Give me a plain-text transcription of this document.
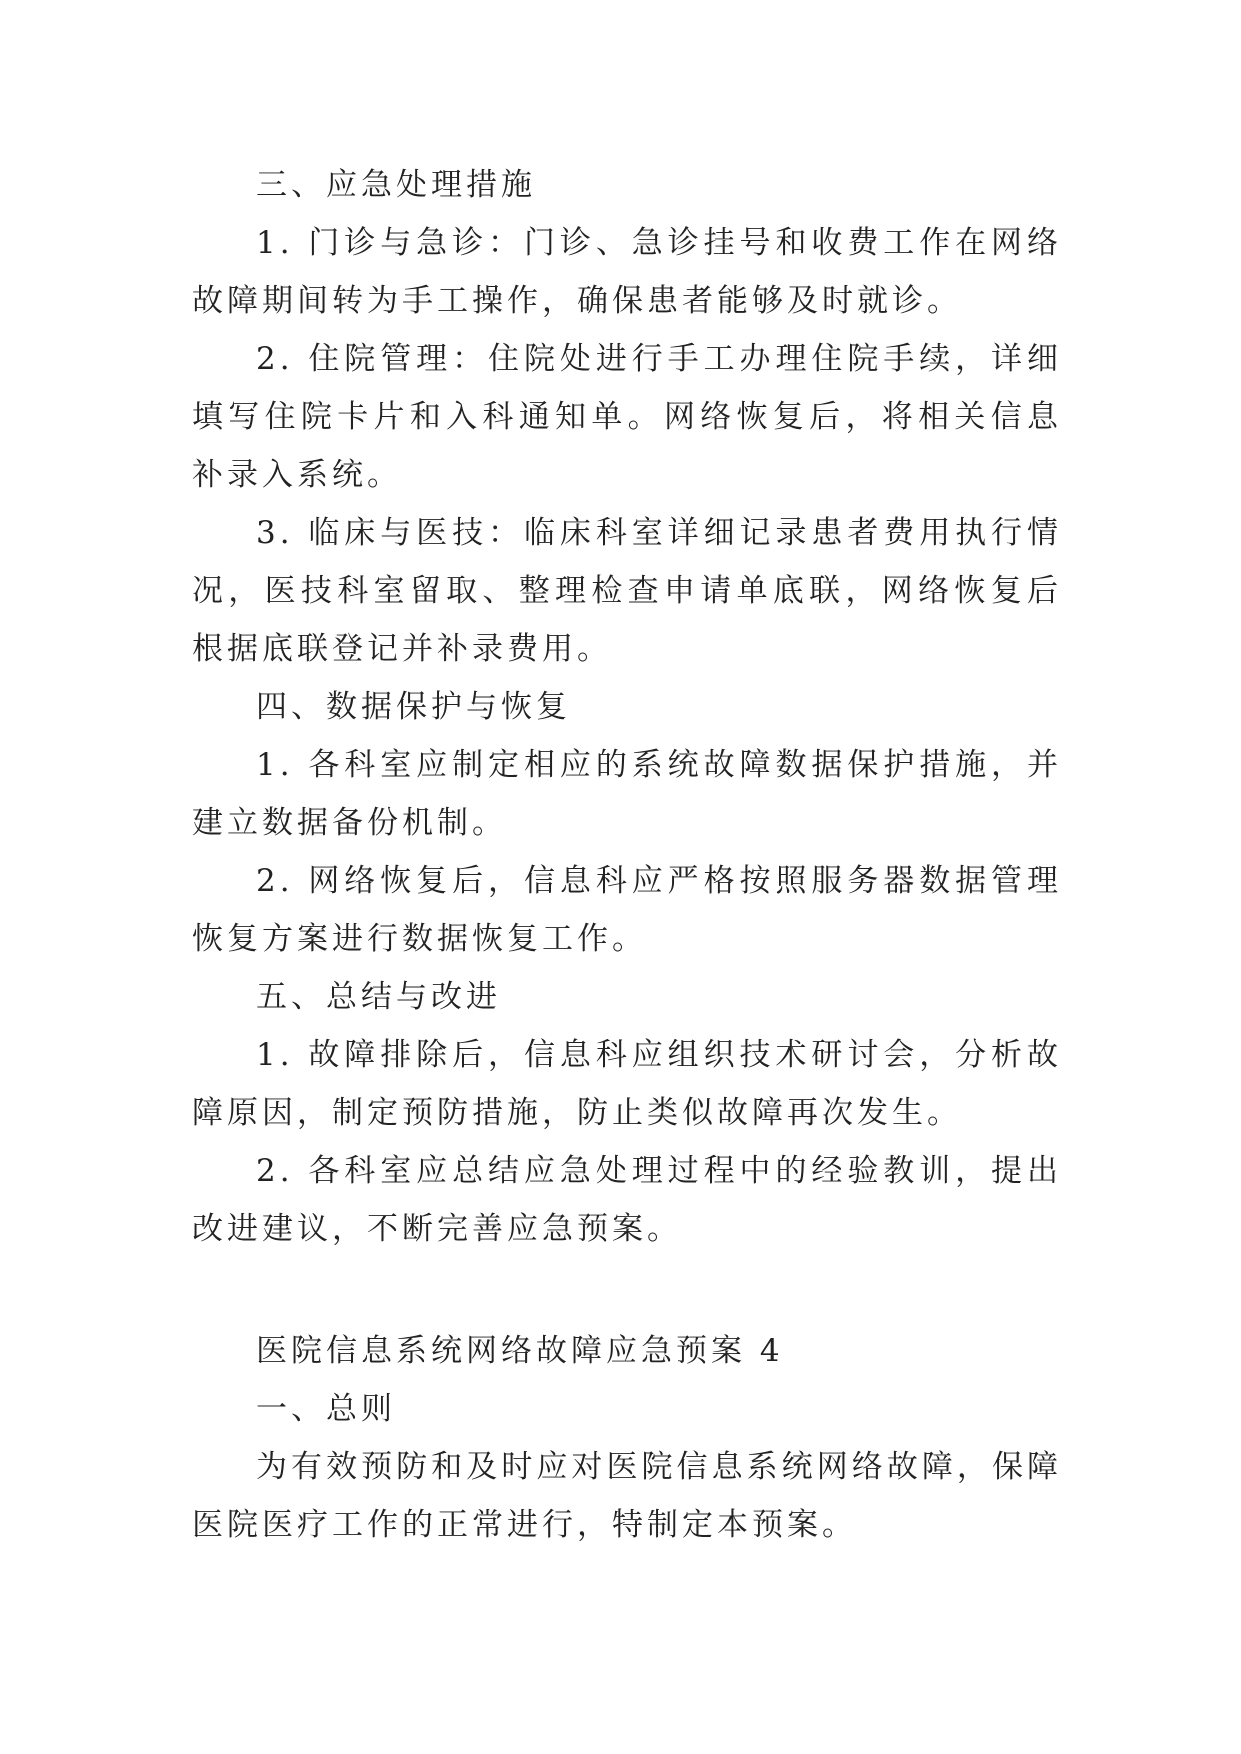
三、应急处理措施

1. 门诊与急诊：门诊、急诊挂号和收费工作在网络故障期间转为手工操作，确保患者能够及时就诊。

2. 住院管理：住院处进行手工办理住院手续，详细填写住院卡片和入科通知单。网络恢复后，将相关信息补录入系统。

3. 临床与医技：临床科室详细记录患者费用执行情况，医技科室留取、整理检查申请单底联，网络恢复后根据底联登记并补录费用。

四、数据保护与恢复

1. 各科室应制定相应的系统故障数据保护措施，并建立数据备份机制。

2. 网络恢复后，信息科应严格按照服务器数据管理恢复方案进行数据恢复工作。

五、总结与改进

1. 故障排除后，信息科应组织技术研讨会，分析故障原因，制定预防措施，防止类似故障再次发生。

2. 各科室应总结应急处理过程中的经验教训，提出改进建议，不断完善应急预案。

医院信息系统网络故障应急预案 4

一、总则

为有效预防和及时应对医院信息系统网络故障，保障医院医疗工作的正常进行，特制定本预案。
